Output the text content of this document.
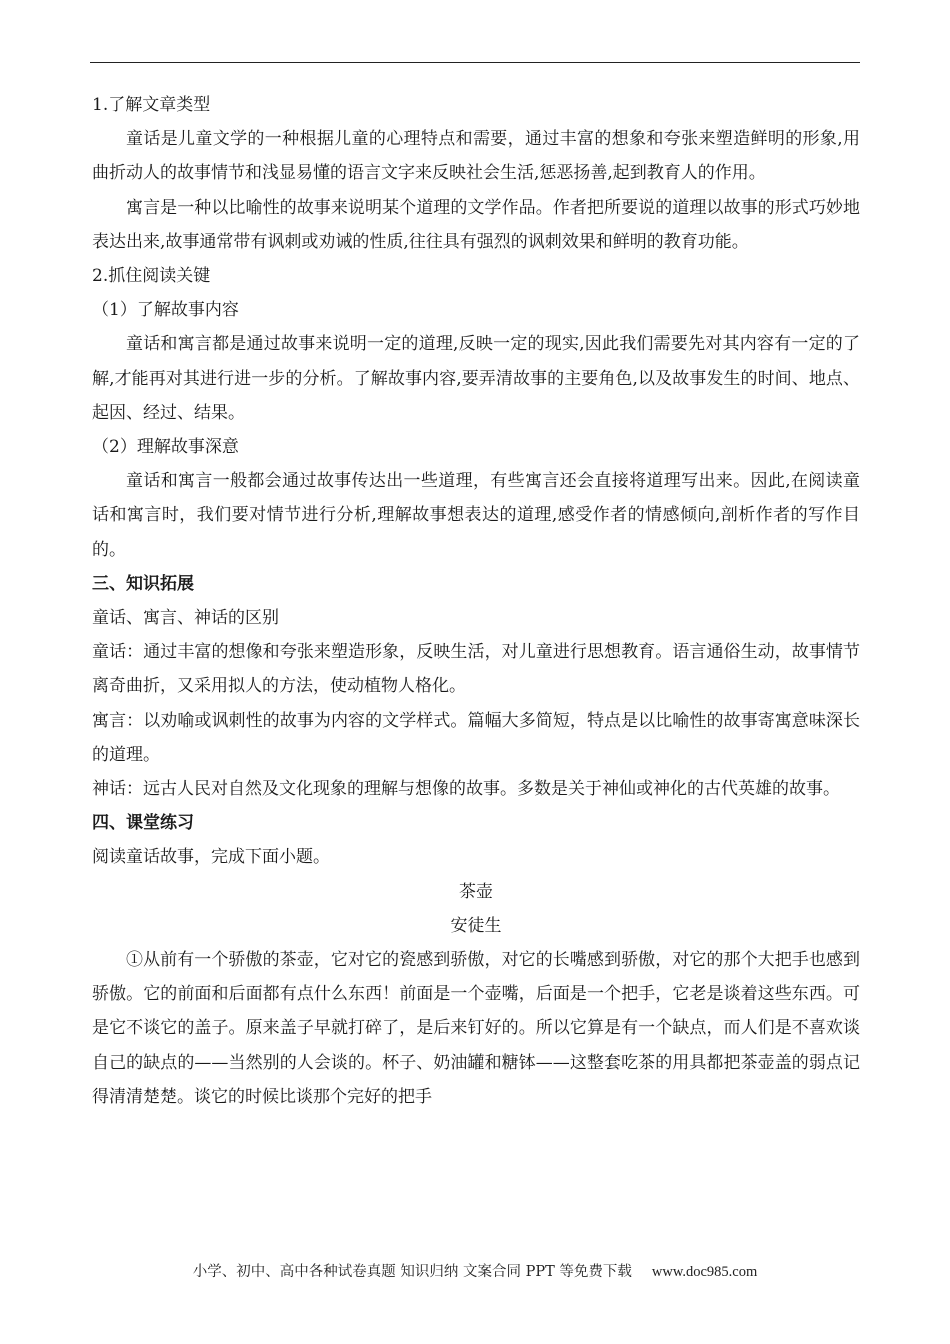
1.了解文章类型

童话是儿童文学的一种根据儿童的心理特点和需要，通过丰富的想象和夸张来塑造鲜明的形象,用曲折动人的故事情节和浅显易懂的语言文字来反映社会生活,惩恶扬善,起到教育人的作用。

寓言是一种以比喻性的故事来说明某个道理的文学作品。作者把所要说的道理以故事的形式巧妙地表达出来,故事通常带有讽刺或劝诫的性质,往往具有强烈的讽刺效果和鲜明的教育功能。

2.抓住阅读关键

（1）了解故事内容

童话和寓言都是通过故事来说明一定的道理,反映一定的现实,因此我们需要先对其内容有一定的了解,才能再对其进行进一步的分析。了解故事内容,要弄清故事的主要角色,以及故事发生的时间、地点、起因、经过、结果。

（2）理解故事深意

童话和寓言一般都会通过故事传达出一些道理，有些寓言还会直接将道理写出来。因此,在阅读童话和寓言时，我们要对情节进行分析,理解故事想表达的道理,感受作者的情感倾向,剖析作者的写作目的。

三、知识拓展

童话、寓言、神话的区别

童话：通过丰富的想像和夸张来塑造形象，反映生活，对儿童进行思想教育。语言通俗生动，故事情节离奇曲折，又采用拟人的方法，使动植物人格化。

寓言：以劝喻或讽刺性的故事为内容的文学样式。篇幅大多简短，特点是以比喻性的故事寄寓意味深长的道理。

神话：远古人民对自然及文化现象的理解与想像的故事。多数是关于神仙或神化的古代英雄的故事。

四、课堂练习

阅读童话故事，完成下面小题。

茶壶

安徒生

①从前有一个骄傲的茶壶，它对它的瓷感到骄傲，对它的长嘴感到骄傲，对它的那个大把手也感到骄傲。它的前面和后面都有点什么东西！前面是一个壶嘴，后面是一个把手，它老是谈着这些东西。可是它不谈它的盖子。原来盖子早就打碎了，是后来钉好的。所以它算是有一个缺点，而人们是不喜欢谈自己的缺点的——当然别的人会谈的。杯子、奶油罐和糖钵——这整套吃茶的用具都把茶壶盖的弱点记得清清楚楚。谈它的时候比谈那个完好的把手

小学、初中、高中各种试卷真题 知识归纳 文案合同 PPT 等免费下载 www.doc985.com
